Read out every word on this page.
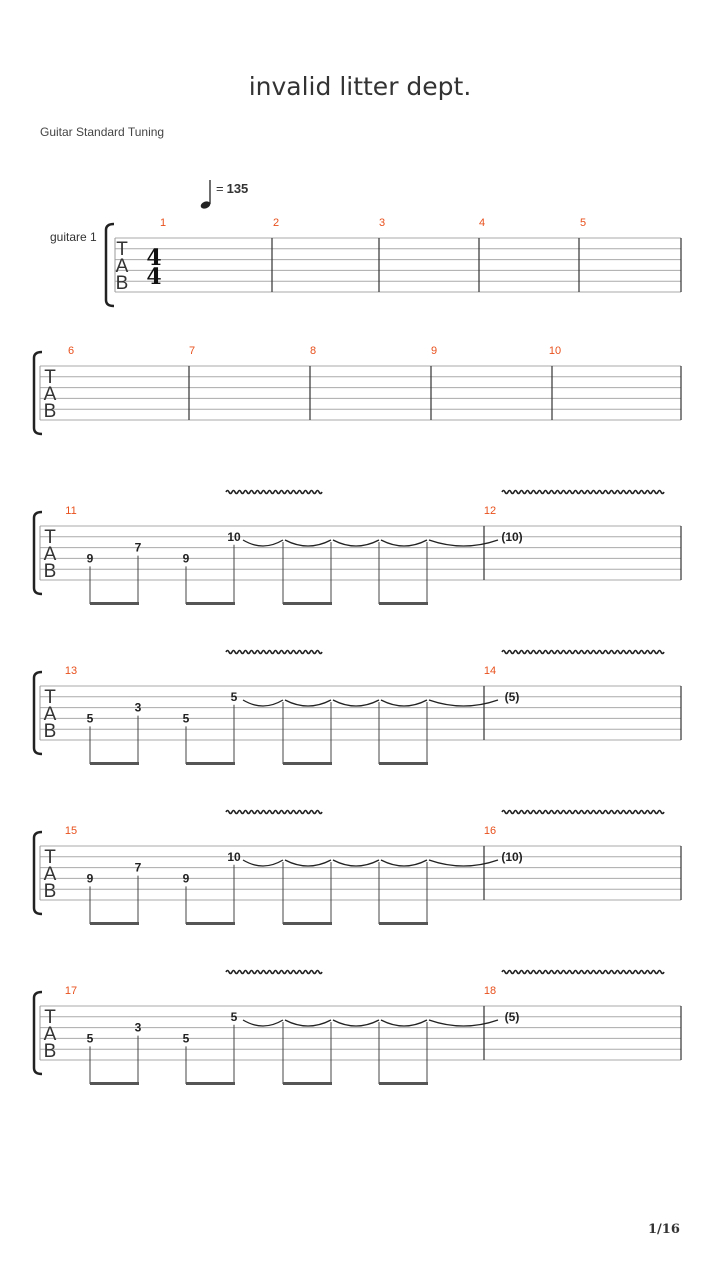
invalid litter dept.
Guitar Standard Tuning
= 135
guitare 1
T
A
B
4
4
1	2	3	4	5
T
A
B
6	7	8	9	10
T
A
B
11	12
9
7
9
10	(10)
T
A
B
13	14
5
3
5
5	(5)
T
A
B
15	16
9
7
9
10	(10)
T
A
B
17	18
5
3
5
5	(5)
1/16
